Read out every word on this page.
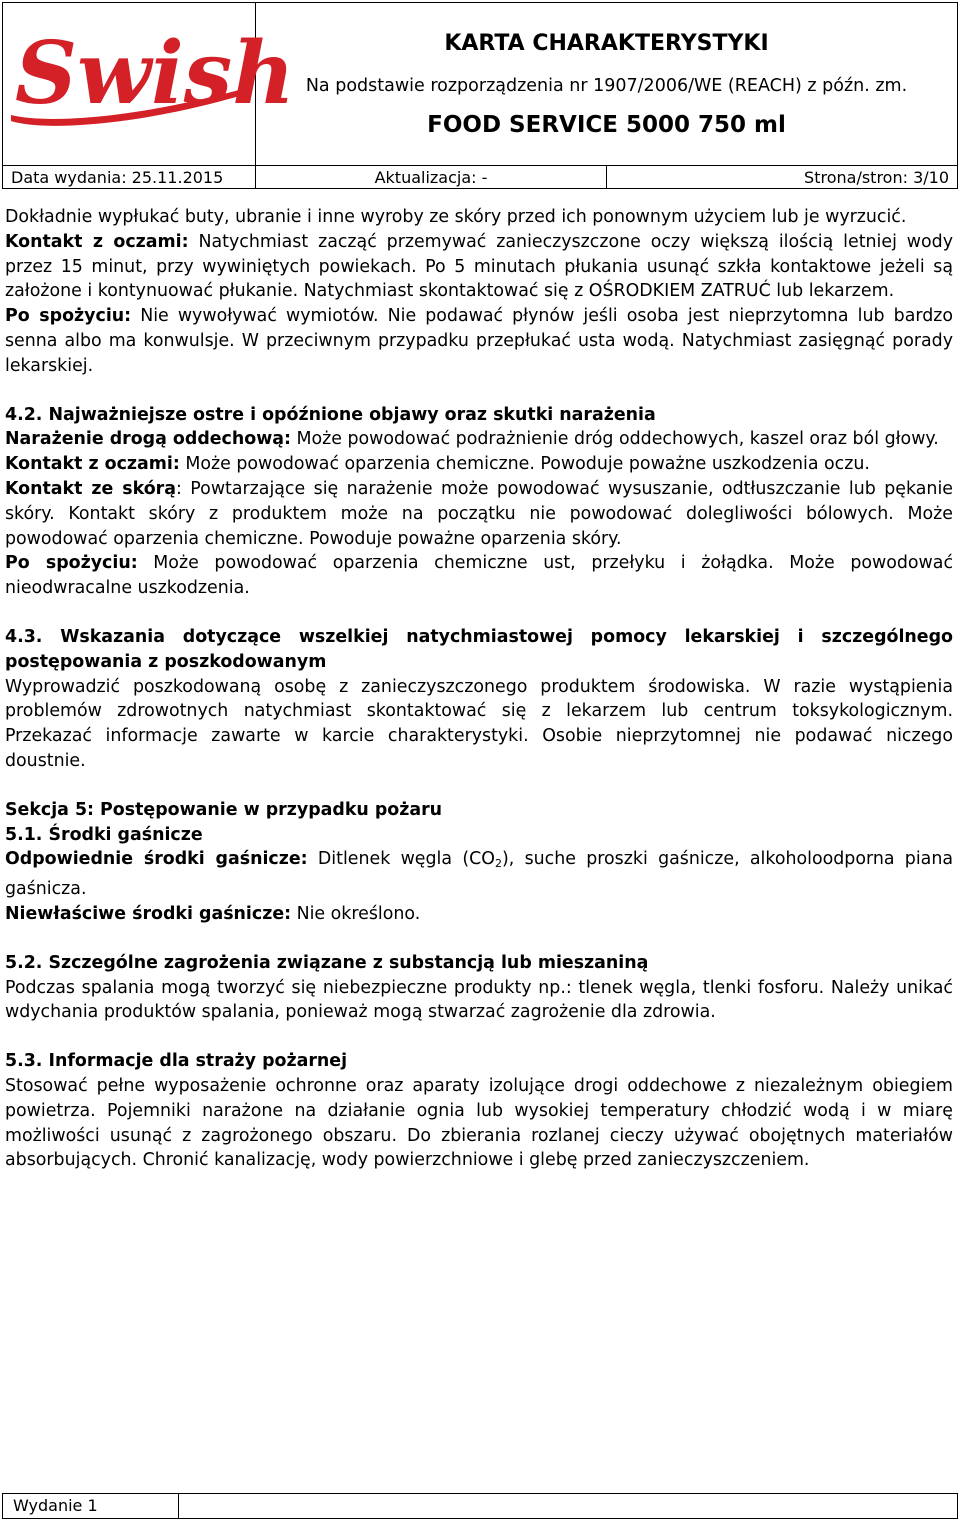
Swish	KARTA CHARAKTERYSTYKI
Na podstawie rozporządzenia nr 1907/2006/WE (REACH) z późn. zm.
FOOD SERVICE 5000 750 ml	

Data wydania: 25.11.2015	Aktualizacja: -	Strona/stron: 3/10

Dokładnie wypłukać buty, ubranie i inne wyroby ze skóry przed ich ponownym użyciem lub je wyrzucić.

Kontakt z oczami: Natychmiast zacząć przemywać zanieczyszczone oczy większą ilością letniej wody przez 15 minut, przy wywiniętych powiekach. Po 5 minutach płukania usunąć szkła kontaktowe jeżeli są założone i kontynuować płukanie. Natychmiast skontaktować się z OŚRODKIEM ZATRUĆ lub lekarzem.

Po spożyciu: Nie wywoływać wymiotów. Nie podawać płynów jeśli osoba jest nieprzytomna lub bardzo senna albo ma konwulsje. W przeciwnym przypadku przepłukać usta wodą. Natychmiast zasięgnąć porady lekarskiej.

4.2. Najważniejsze ostre i opóźnione objawy oraz skutki narażenia

Narażenie drogą oddechową: Może powodować podrażnienie dróg oddechowych, kaszel oraz ból głowy.

Kontakt z oczami: Może powodować oparzenia chemiczne. Powoduje poważne uszkodzenia oczu.

Kontakt ze skórą: Powtarzające się narażenie może powodować wysuszanie, odtłuszczanie lub pękanie skóry. Kontakt skóry z produktem może na początku nie powodować dolegliwości bólowych. Może powodować oparzenia chemiczne. Powoduje poważne oparzenia skóry.

Po spożyciu: Może powodować oparzenia chemiczne ust, przełyku i żołądka. Może powodować nieodwracalne uszkodzenia.

4.3. Wskazania dotyczące wszelkiej natychmiastowej pomocy lekarskiej i szczególnego postępowania z poszkodowanym

Wyprowadzić poszkodowaną osobę z zanieczyszczonego produktem środowiska. W razie wystąpienia problemów zdrowotnych natychmiast skontaktować się z lekarzem lub centrum toksykologicznym. Przekazać informacje zawarte w karcie charakterystyki. Osobie nieprzytomnej nie podawać niczego doustnie.

Sekcja 5: Postępowanie w przypadku pożaru

5.1. Środki gaśnicze

Odpowiednie środki gaśnicze: Ditlenek węgla (CO2), suche proszki gaśnicze, alkoholoodporna piana gaśnicza.

Niewłaściwe środki gaśnicze: Nie określono.

5.2. Szczególne zagrożenia związane z substancją lub mieszaniną

Podczas spalania mogą tworzyć się niebezpieczne produkty np.: tlenek węgla, tlenki fosforu. Należy unikać wdychania produktów spalania, ponieważ mogą stwarzać zagrożenie dla zdrowia.

5.3. Informacje dla straży pożarnej

Stosować pełne wyposażenie ochronne oraz aparaty izolujące drogi oddechowe z niezależnym obiegiem powietrza. Pojemniki narażone na działanie ognia lub wysokiej temperatury chłodzić wodą i w miarę możliwości usunąć z zagrożonego obszaru. Do zbierania rozlanej cieczy używać obojętnych materiałów absorbujących. Chronić kanalizację, wody powierzchniowe i glebę przed zanieczyszczeniem.

Wydanie 1
